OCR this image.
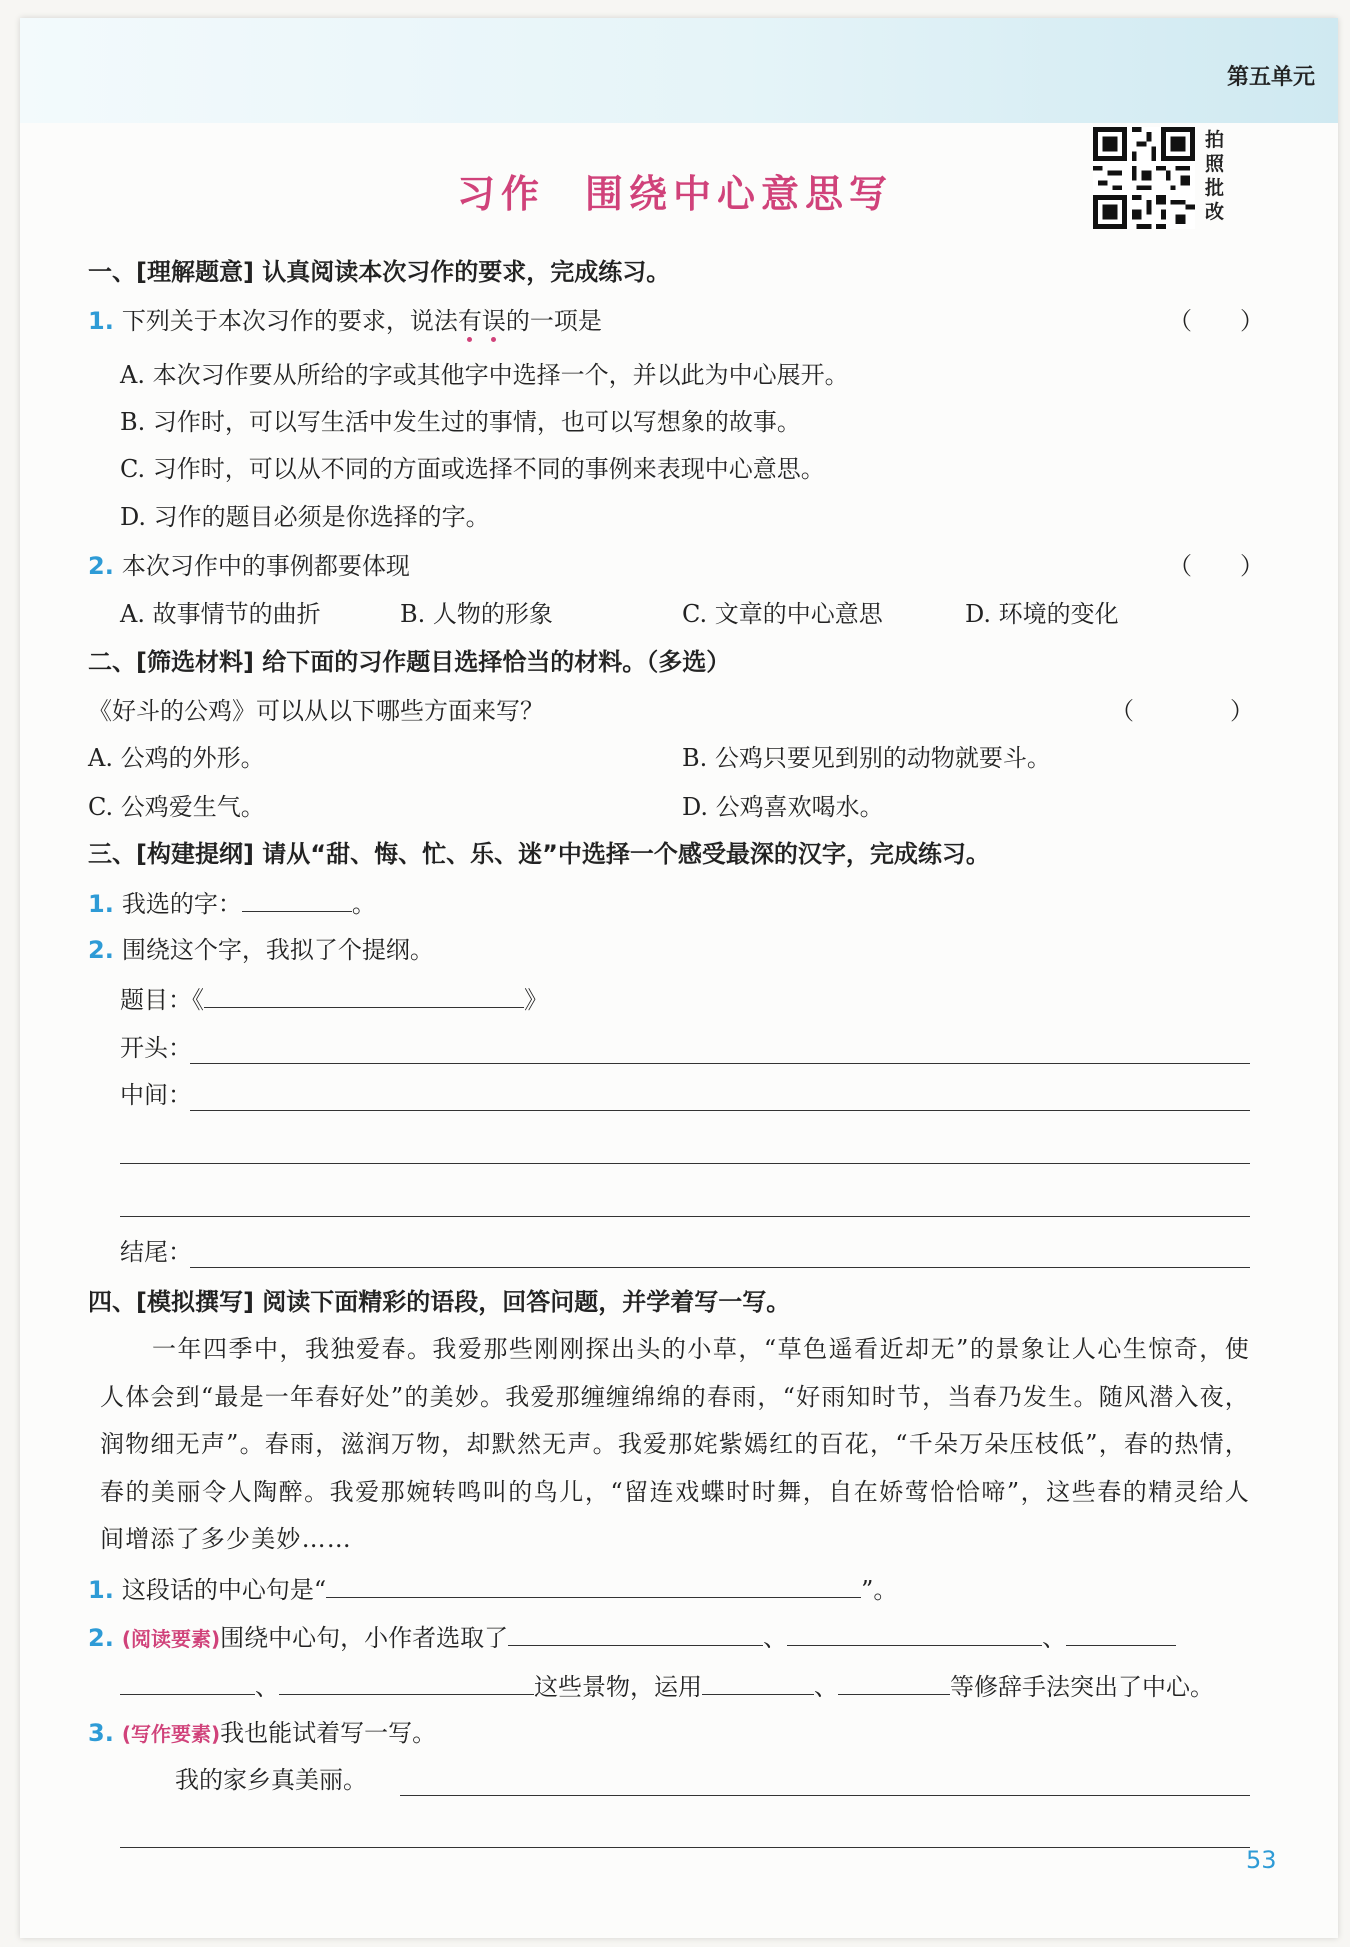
第五单元
习作 围绕中心意思写
拍
照
批
改
一、[理解题意] 认真阅读本次习作的要求，完成练习。
1. 下列关于本次习作的要求，说法有误的一项是	（　　）
A. 本次习作要从所给的字或其他字中选择一个，并以此为中心展开。
B. 习作时，可以写生活中发生过的事情，也可以写想象的故事。
C. 习作时，可以从不同的方面或选择不同的事例来表现中心意思。
D. 习作的题目必须是你选择的字。
2. 本次习作中的事例都要体现	（　　）
A. 故事情节的曲折	B. 人物的形象	C. 文章的中心意思	D. 环境的变化
二、[筛选材料] 给下面的习作题目选择恰当的材料。（多选）
《好斗的公鸡》可以从以下哪些方面来写？	（　　　　）
A. 公鸡的外形。	B. 公鸡只要见到别的动物就要斗。
C. 公鸡爱生气。	D. 公鸡喜欢喝水。
三、[构建提纲] 请从“甜、悔、忙、乐、迷”中选择一个感受最深的汉字，完成练习。
1. 我选的字：	。
2. 围绕这个字，我拟了个提纲。
题目：《	》
开头：
中间：
结尾：
四、[模拟撰写] 阅读下面精彩的语段，回答问题，并学着写一写。
一年四季中，我独爱春。我爱那些刚刚探出头的小草，“草色遥看近却无”的景象让人心生惊奇，使人体会到“最是一年春好处”的美妙。我爱那缠缠绵绵的春雨，“好雨知时节，当春乃发生。随风潜入夜，润物细无声”。春雨，滋润万物，却默然无声。我爱那姹紫嫣红的百花，“千朵万朵压枝低”，春的热情，春的美丽令人陶醉。我爱那婉转鸣叫的鸟儿，“留连戏蝶时时舞，自在娇莺恰恰啼”，这些春的精灵给人间增添了多少美妙……
1. 这段话的中心句是“	”。
2. (阅读要素)围绕中心句，小作者选取了	、	、
、	这些景物，运用	、	等修辞手法突出了中心。
3. (写作要素)我也能试着写一写。
我的家乡真美丽。
53
